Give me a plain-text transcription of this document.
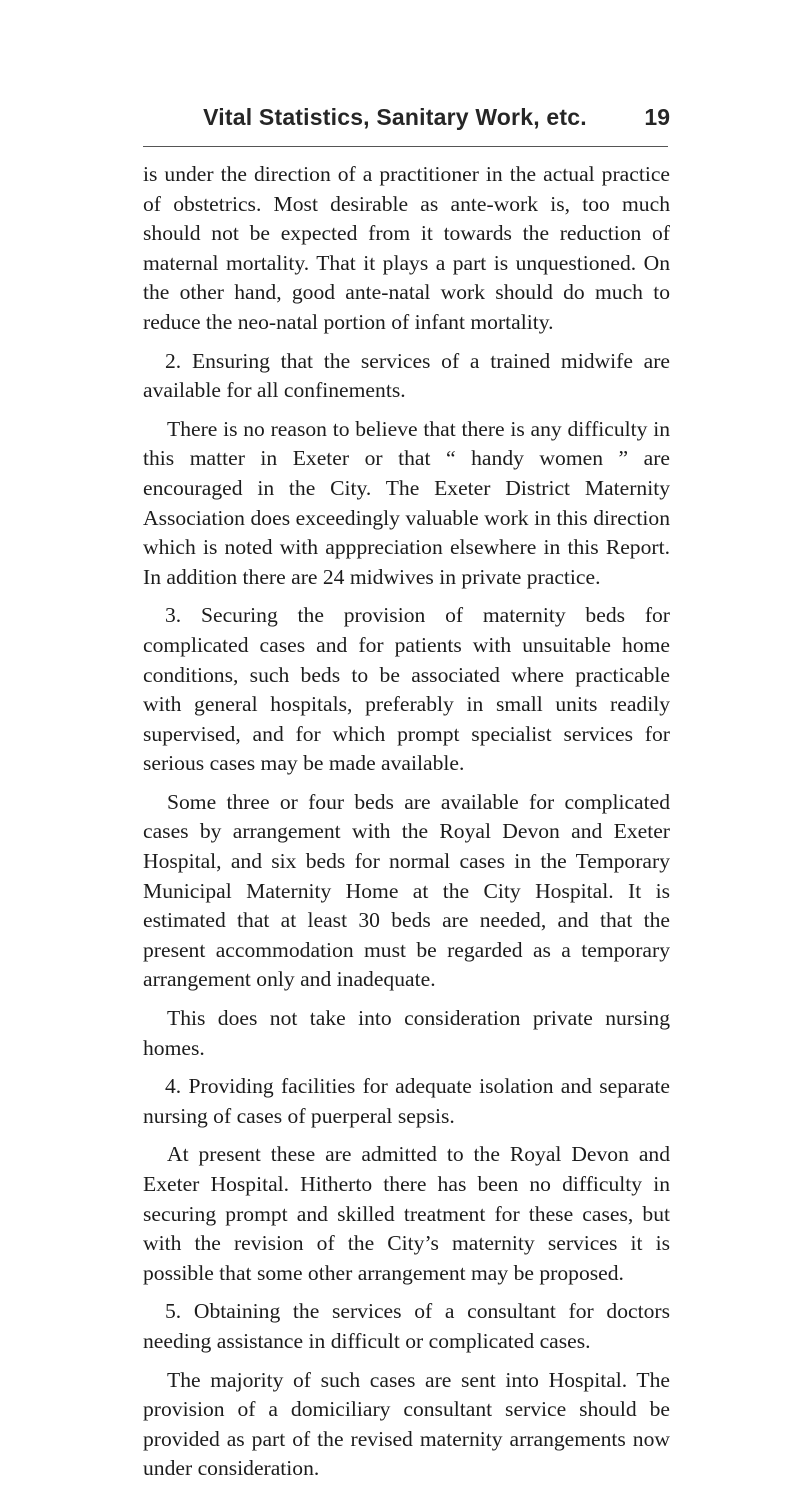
Vital Statistics, Sanitary Work, etc.	19

is under the direction of a practitioner in the actual practice of obstetrics. Most desirable as ante-work is, too much should not be expected from it towards the reduction of maternal mortality. That it plays a part is unquestioned. On the other hand, good ante-natal work should do much to reduce the neo-natal portion of infant mortality.

2. Ensuring that the services of a trained midwife are available for all confinements.

There is no reason to believe that there is any difficulty in this matter in Exeter or that “ handy women ” are encouraged in the City. The Exeter District Maternity Association does exceedingly valuable work in this direction which is noted with apppreciation elsewhere in this Report. In addition there are 24 midwives in private practice.

3. Securing the provision of maternity beds for complicated cases and for patients with unsuitable home conditions, such beds to be associated where practicable with general hospitals, preferably in small units readily supervised, and for which prompt specialist services for serious cases may be made available.

Some three or four beds are available for complicated cases by arrangement with the Royal Devon and Exeter Hospital, and six beds for normal cases in the Temporary Municipal Maternity Home at the City Hospital. It is estimated that at least 30 beds are needed, and that the present accommodation must be regarded as a temporary arrangement only and inadequate.

This does not take into consideration private nursing homes.

4. Providing facilities for adequate isolation and separate nursing of cases of puerperal sepsis.

At present these are admitted to the Royal Devon and Exeter Hospital. Hitherto there has been no difficulty in securing prompt and skilled treatment for these cases, but with the revision of the City’s maternity services it is possible that some other arrangement may be proposed.

5. Obtaining the services of a consultant for doctors needing assistance in difficult or complicated cases.

The majority of such cases are sent into Hospital. The provision of a domiciliary consultant service should be provided as part of the revised maternity arrangements now under consideration.
